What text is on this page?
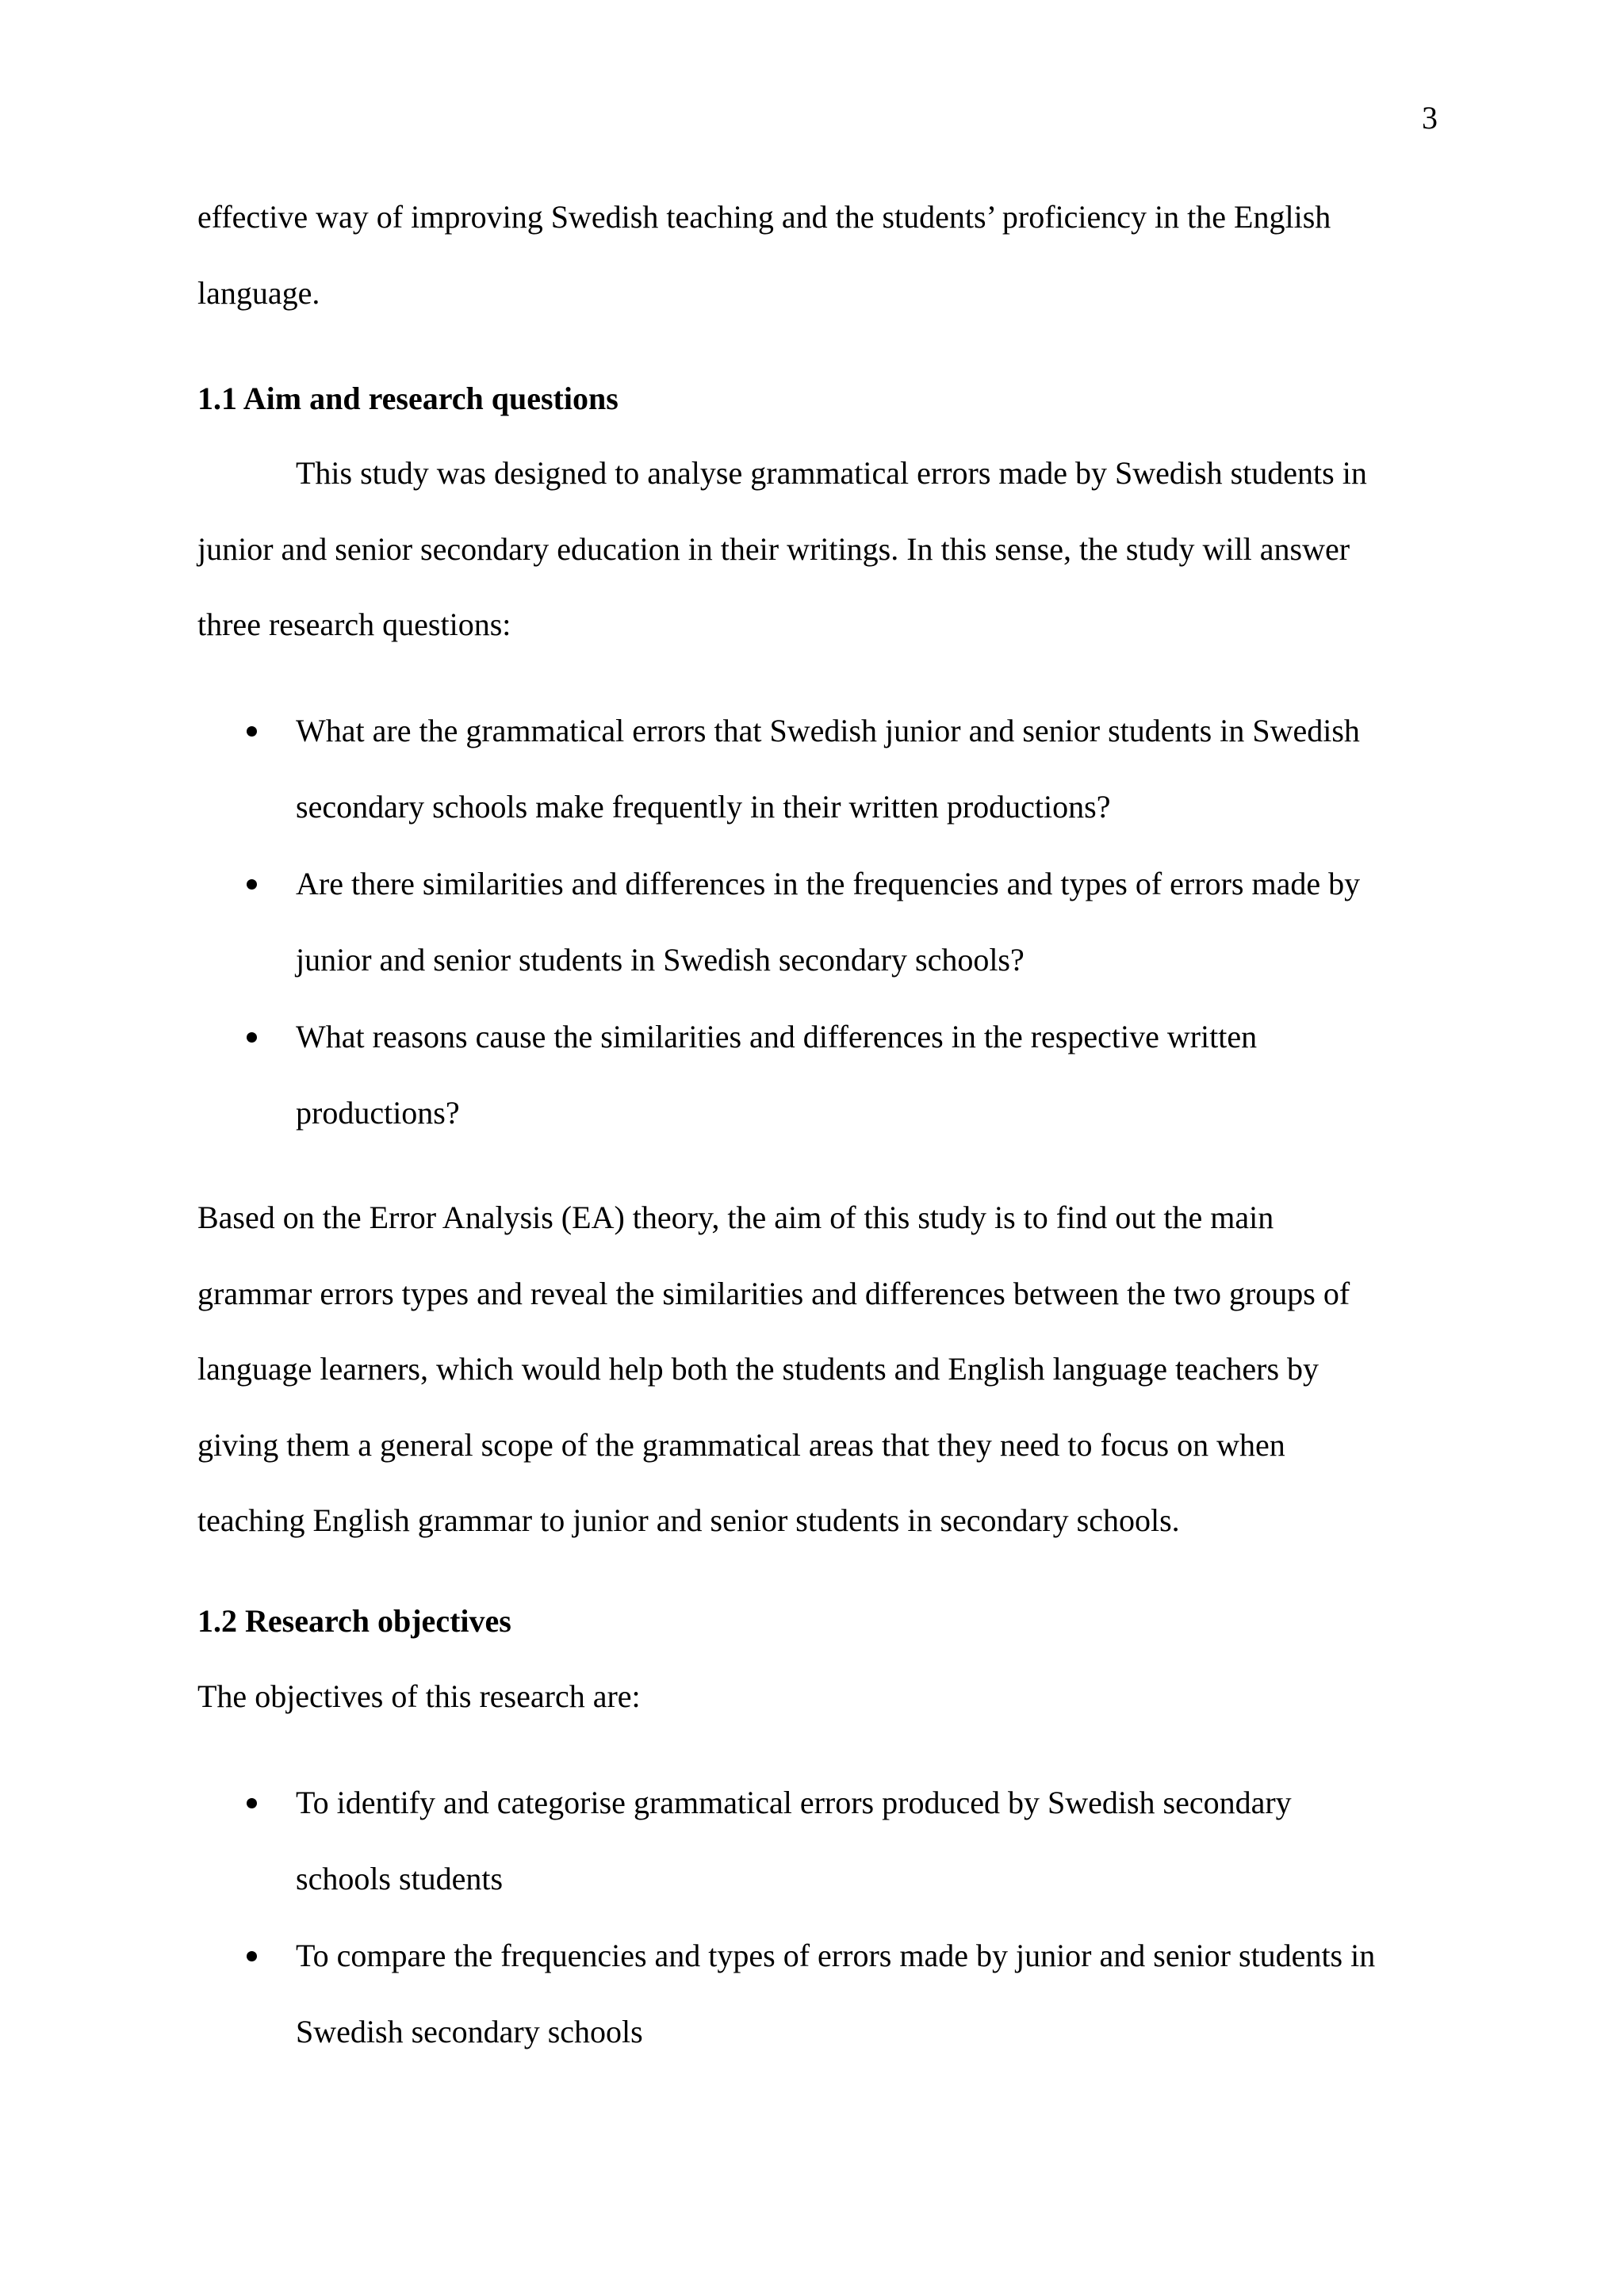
3
effective way of improving Swedish teaching and the students’ proficiency in the English
language.
1.1 Aim and research questions
This study was designed to analyse grammatical errors made by Swedish students in
junior and senior secondary education in their writings. In this sense, the study will answer
three research questions:
What are the grammatical errors that Swedish junior and senior students in Swedish
secondary schools make frequently in their written productions?
Are there similarities and differences in the frequencies and types of errors made by
junior and senior students in Swedish secondary schools?
What reasons cause the similarities and differences in the respective written
productions?
Based on the Error Analysis (EA) theory, the aim of this study is to find out the main
grammar errors types and reveal the similarities and differences between the two groups of
language learners, which would help both the students and English language teachers by
giving them a general scope of the grammatical areas that they need to focus on when
teaching English grammar to junior and senior students in secondary schools.
1.2 Research objectives
The objectives of this research are:
To identify and categorise grammatical errors produced by Swedish secondary
schools students
To compare the frequencies and types of errors made by junior and senior students in
Swedish secondary schools
